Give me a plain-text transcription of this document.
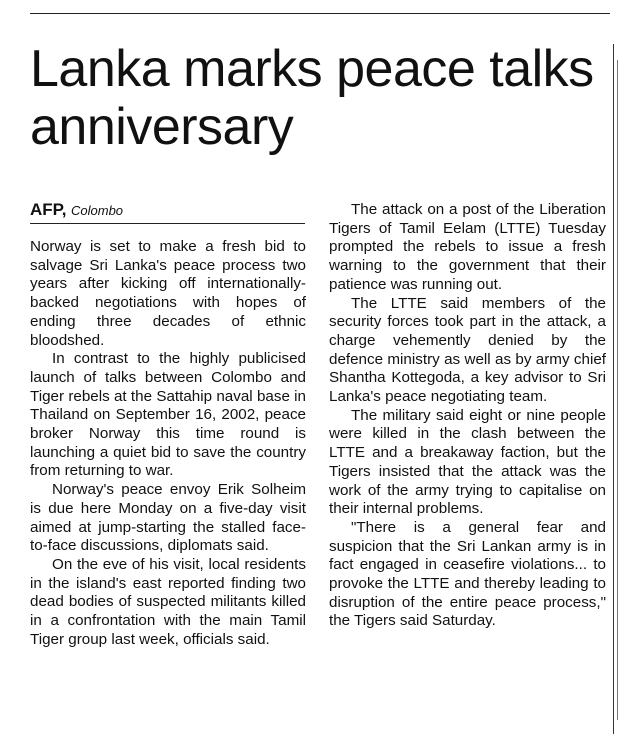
Lanka marks peace talks anniversary
AFP, Colombo

Norway is set to make a fresh bid to salvage Sri Lanka's peace process two years after kicking off internationally-backed negotiations with hopes of ending three decades of ethnic bloodshed.

In contrast to the highly publicised launch of talks between Colombo and Tiger rebels at the Sattahip naval base in Thailand on September 16, 2002, peace broker Norway this time round is launching a quiet bid to save the country from returning to war.

Norway's peace envoy Erik Solheim is due here Monday on a five-day visit aimed at jump-starting the stalled face-to-face discussions, diplomats said.

On the eve of his visit, local residents in the island's east reported finding two dead bodies of suspected militants killed in a confrontation with the main Tamil Tiger group last week, officials said.

The attack on a post of the Liberation Tigers of Tamil Eelam (LTTE) Tuesday prompted the rebels to issue a fresh warning to the government that their patience was running out.

The LTTE said members of the security forces took part in the attack, a charge vehemently denied by the defence ministry as well as by army chief Shantha Kottegoda, a key advisor to Sri Lanka's peace negotiating team.

The military said eight or nine people were killed in the clash between the LTTE and a breakaway faction, but the Tigers insisted that the attack was the work of the army trying to capitalise on their internal problems.

"There is a general fear and suspicion that the Sri Lankan army is in fact engaged in ceasefire violations... to provoke the LTTE and thereby leading to disruption of the entire peace process," the Tigers said Saturday.
